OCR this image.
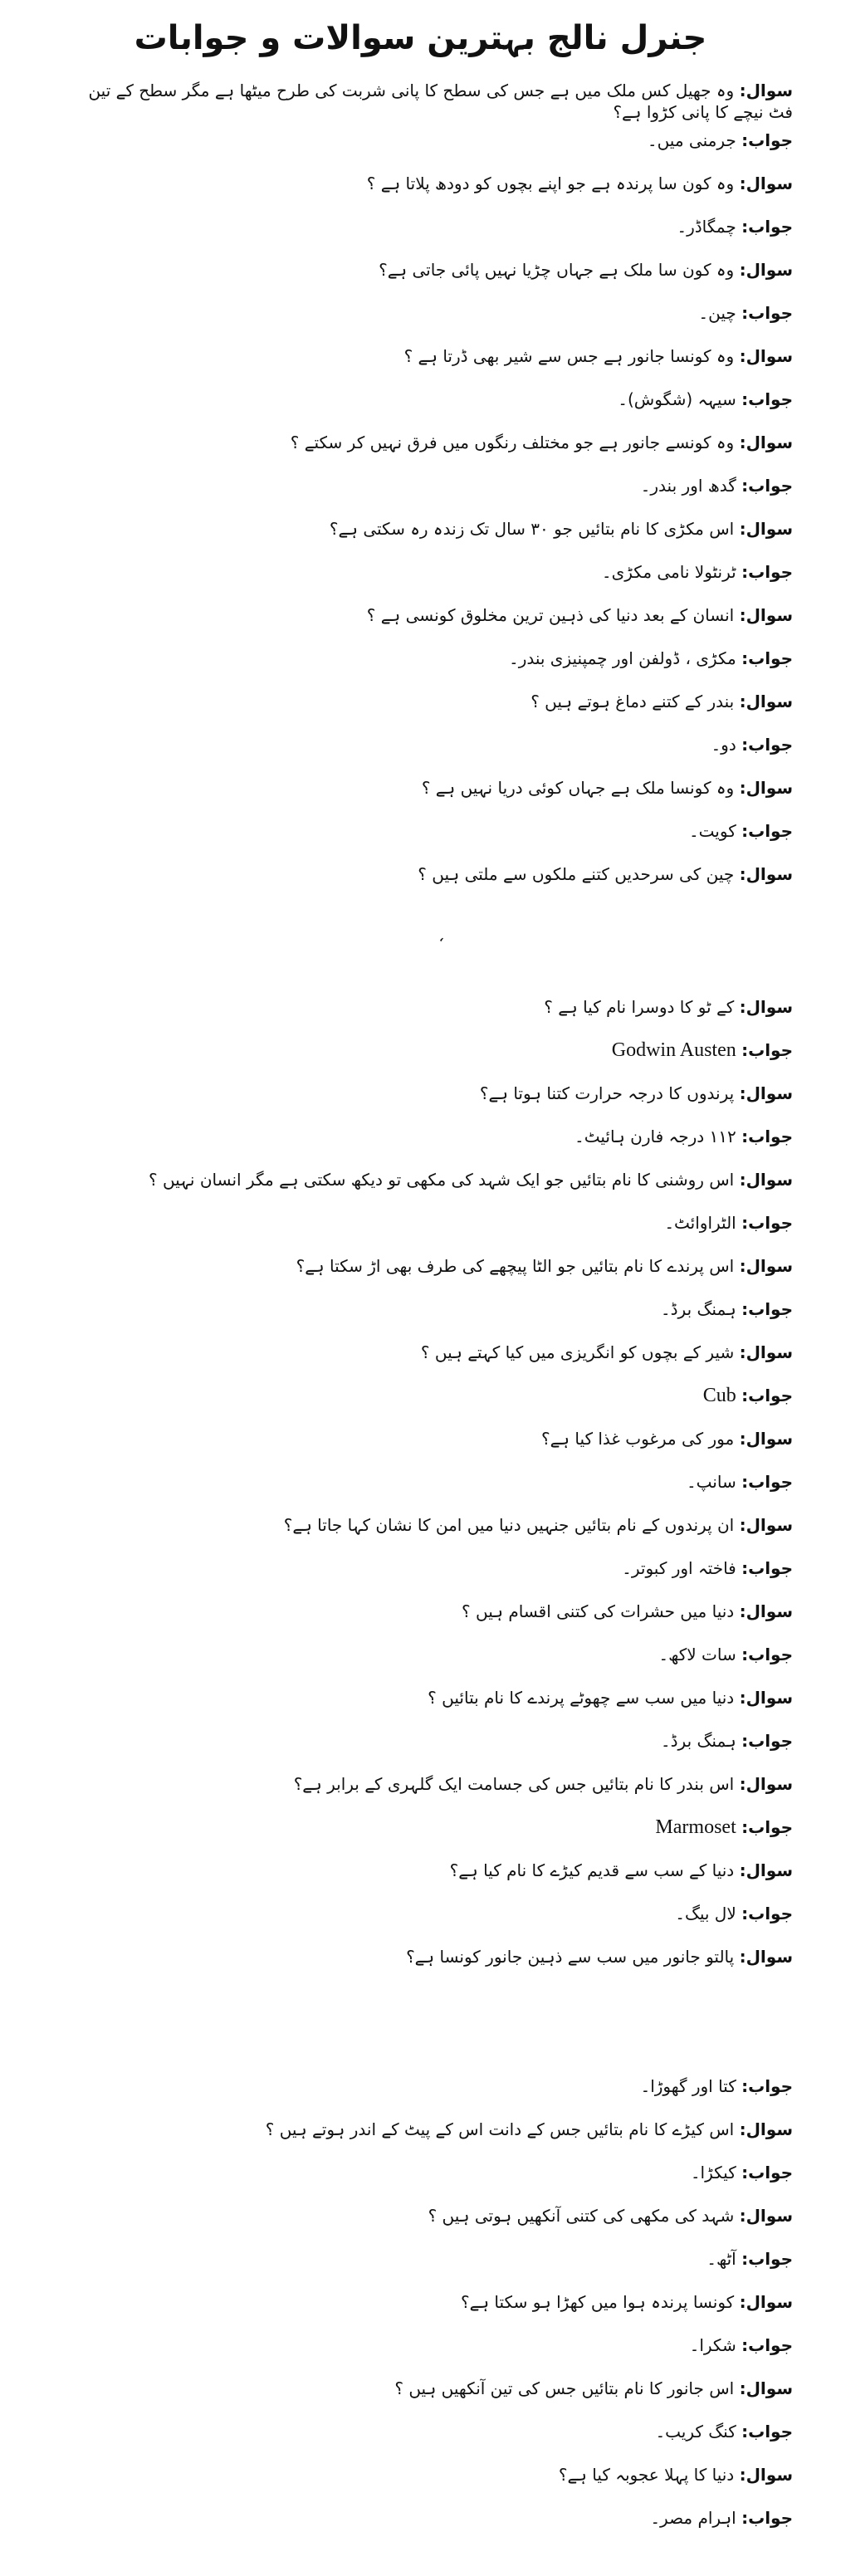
جنرل نالج بہترین سوالات و جوابات
سوال: وہ جھیل کس ملک میں ہے جس کی سطح کا پانی شربت کی طرح میٹھا ہے مگر سطح کے تین فٹ نیچے کا پانی کڑوا ہے؟
جواب: جرمنی میں۔
سوال: وہ کون سا پرندہ ہے جو اپنے بچوں کو دودھ پلاتا ہے ؟
جواب: چمگاڈر۔
سوال: وہ کون سا ملک ہے جہاں چڑیا نہیں پائی جاتی ہے؟
جواب: چین۔
سوال: وہ کونسا جانور ہے جس سے شیر بھی ڈرتا ہے ؟
جواب: سیہہ (شگوش)۔
سوال: وہ کونسے جانور ہے جو مختلف رنگوں میں فرق نہیں کر سکتے ؟
جواب: گدھ اور بندر۔
سوال: اس مکڑی کا نام بتائیں جو ۳۰ سال تک زندہ رہ سکتی ہے؟
جواب: ٹرنٹولا نامی مکڑی۔
سوال: انسان کے بعد دنیا کی ذہین ترین مخلوق کونسی ہے ؟
جواب: مکڑی ، ڈولفن اور چمپنیزی بندر۔
سوال: بندر کے کتنے دماغ ہوتے ہیں ؟
جواب: دو۔
سوال: وہ کونسا ملک ہے جہاں کوئی دریا نہیں ہے ؟
جواب: کویت۔
سوال: چین کی سرحدیں کتنے ملکوں سے ملتی ہیں ؟
،
سوال: کے ٹو کا دوسرا نام کیا ہے ؟
جواب: Godwin Austen
سوال: پرندوں کا درجہ حرارت کتنا ہوتا ہے؟
جواب: ۱۱۲ درجہ فارن ہائیٹ۔
سوال: اس روشنی کا نام بتائیں جو ایک شہد کی مکھی تو دیکھ سکتی ہے مگر انسان نہیں ؟
جواب: الٹراوائٹ۔
سوال: اس پرندے کا نام بتائیں جو الٹا پیچھے کی طرف بھی اڑ سکتا ہے؟
جواب: ہمنگ برڈ۔
سوال: شیر کے بچوں کو انگریزی میں کیا کہتے ہیں ؟
جواب: Cub
سوال: مور کی مرغوب غذا کیا ہے؟
جواب: سانپ۔
سوال: ان پرندوں کے نام بتائیں جنہیں دنیا میں امن کا نشان کہا جاتا ہے؟
جواب: فاختہ اور کبوتر۔
سوال: دنیا میں حشرات کی کتنی اقسام ہیں ؟
جواب: سات لاکھ۔
سوال: دنیا میں سب سے چھوٹے پرندے کا نام بتائیں ؟
جواب: ہمنگ برڈ۔
سوال: اس بندر کا نام بتائیں جس کی جسامت ایک گلہری کے برابر ہے؟
جواب: Marmoset
سوال: دنیا کے سب سے قدیم کیڑے کا نام کیا ہے؟
جواب: لال بیگ۔
سوال: پالتو جانور میں سب سے ذہین جانور کونسا ہے؟
جواب: کتا اور گھوڑا۔
سوال: اس کیڑے کا نام بتائیں جس کے دانت اس کے پیٹ کے اندر ہوتے ہیں ؟
جواب: کیکڑا۔
سوال: شہد کی مکھی کی کتنی آنکھیں ہوتی ہیں ؟
جواب: آٹھ۔
سوال: کونسا پرندہ ہوا میں کھڑا ہو سکتا ہے؟
جواب: شکرا۔
سوال: اس جانور کا نام بتائیں جس کی تین آنکھیں ہیں ؟
جواب: کنگ کریب۔
سوال: دنیا کا پہلا عجوبہ کیا ہے؟
جواب: اہرام مصر۔
